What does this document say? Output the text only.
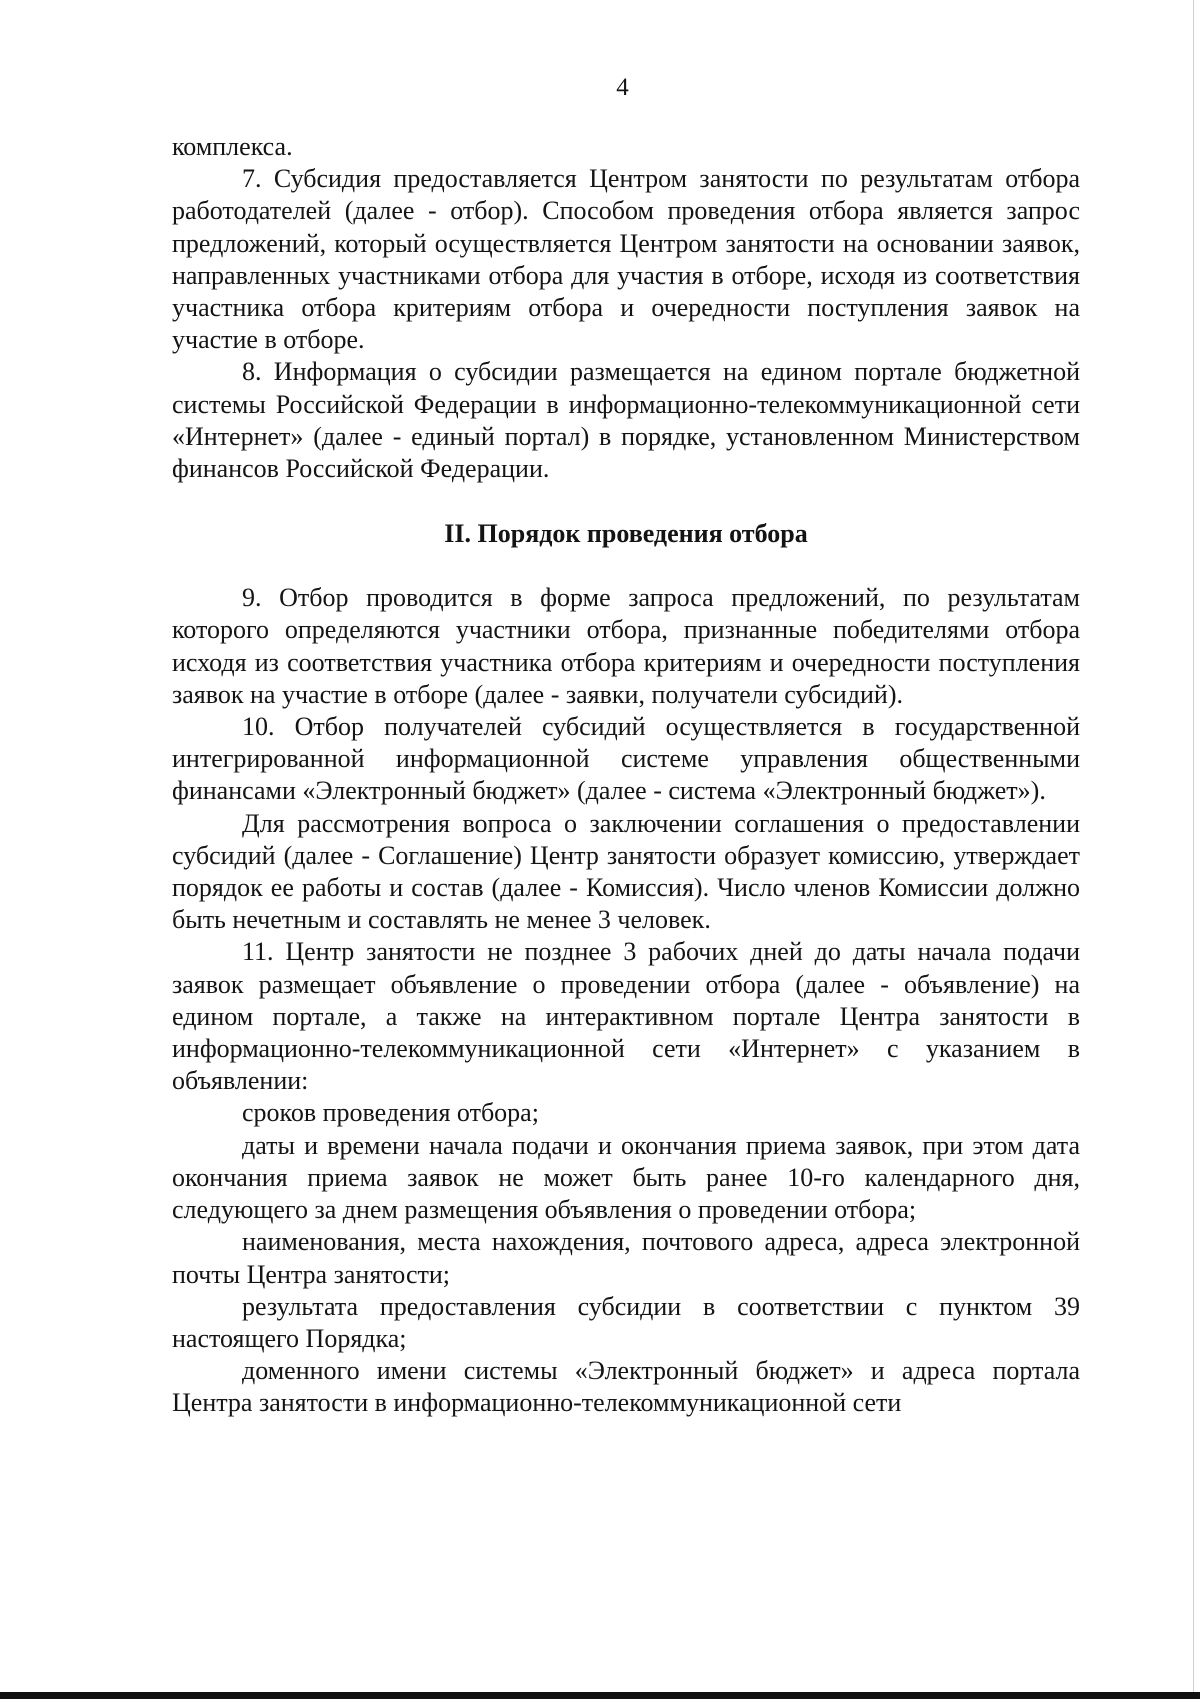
4

комплекса.

7. Субсидия предоставляется Центром занятости по результатам отбора работодателей (далее - отбор). Способом проведения отбора является запрос предложений, который осуществляется Центром занятости на основании заявок, направленных участниками отбора для участия в отборе, исходя из соответствия участника отбора критериям отбора и очередности поступления заявок на участие в отборе.

8. Информация о субсидии размещается на едином портале бюджетной системы Российской Федерации в информационно-телекоммуникационной сети «Интернет» (далее - единый портал) в порядке, установленном Министерством финансов Российской Федерации.

II. Порядок проведения отбора

9. Отбор проводится в форме запроса предложений, по результатам которого определяются участники отбора, признанные победителями отбора исходя из соответствия участника отбора критериям и очередности поступления заявок на участие в отборе (далее - заявки, получатели субсидий).

10. Отбор получателей субсидий осуществляется в государственной интегрированной информационной системе управления общественными финансами «Электронный бюджет» (далее - система «Электронный бюджет»).

Для рассмотрения вопроса о заключении соглашения о предоставлении субсидий (далее - Соглашение) Центр занятости образует комиссию, утверждает порядок ее работы и состав (далее - Комиссия). Число членов Комиссии должно быть нечетным и составлять не менее 3 человек.

11. Центр занятости не позднее 3 рабочих дней до даты начала подачи заявок размещает объявление о проведении отбора (далее - объявление) на едином портале, а также на интерактивном портале Центра занятости в информационно-телекоммуникационной сети «Интернет» с указанием в объявлении:

сроков проведения отбора;

даты и времени начала подачи и окончания приема заявок, при этом дата окончания приема заявок не может быть ранее 10-го календарного дня, следующего за днем размещения объявления о проведении отбора;

наименования, места нахождения, почтового адреса, адреса электронной почты Центра занятости;

результата предоставления субсидии в соответствии с пунктом 39 настоящего Порядка;

доменного имени системы «Электронный бюджет» и адреса портала Центра занятости в информационно-телекоммуникационной сети
